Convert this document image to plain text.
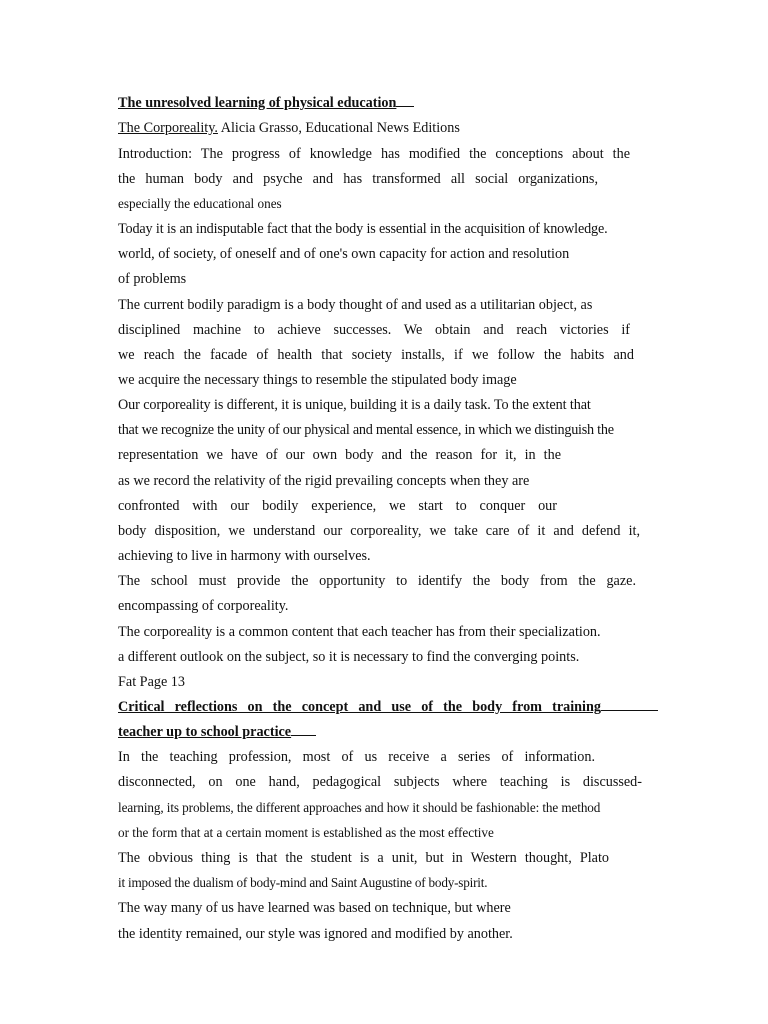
The unresolved learning of physical education
The Corporeality. Alicia Grasso, Educational News Editions
Introduction: The progress of knowledge has modified the conceptions about the
the human body and psyche and has transformed all social organizations,
especially the educational ones
Today it is an indisputable fact that the body is essential in the acquisition of knowledge.
world, of society, of oneself and of one's own capacity for action and resolution
of problems
The current bodily paradigm is a body thought of and used as a utilitarian object, as
disciplined machine to achieve successes. We obtain and reach victories if
we reach the facade of health that society installs, if we follow the habits and
we acquire the necessary things to resemble the stipulated body image
Our corporeality is different, it is unique, building it is a daily task. To the extent that
that we recognize the unity of our physical and mental essence, in which we distinguish the
representation we have of our own body and the reason for it, in the
as we record the relativity of the rigid prevailing concepts when they are
confronted with our bodily experience, we start to conquer our
body disposition, we understand our corporeality, we take care of it and defend it,
achieving to live in harmony with ourselves.
The school must provide the opportunity to identify the body from the gaze.
encompassing of corporeality.
The corporeality is a common content that each teacher has from their specialization.
a different outlook on the subject, so it is necessary to find the converging points.
Fat Page 13
Critical reflections on the concept and use of the body from training
teacher up to school practice
In the teaching profession, most of us receive a series of information.
disconnected, on one hand, pedagogical subjects where teaching is discussed-
learning, its problems, the different approaches and how it should be fashionable: the method
or the form that at a certain moment is established as the most effective
The obvious thing is that the student is a unit, but in Western thought, Plato
it imposed the dualism of body-mind and Saint Augustine of body-spirit.
The way many of us have learned was based on technique, but where
the identity remained, our style was ignored and modified by another.
